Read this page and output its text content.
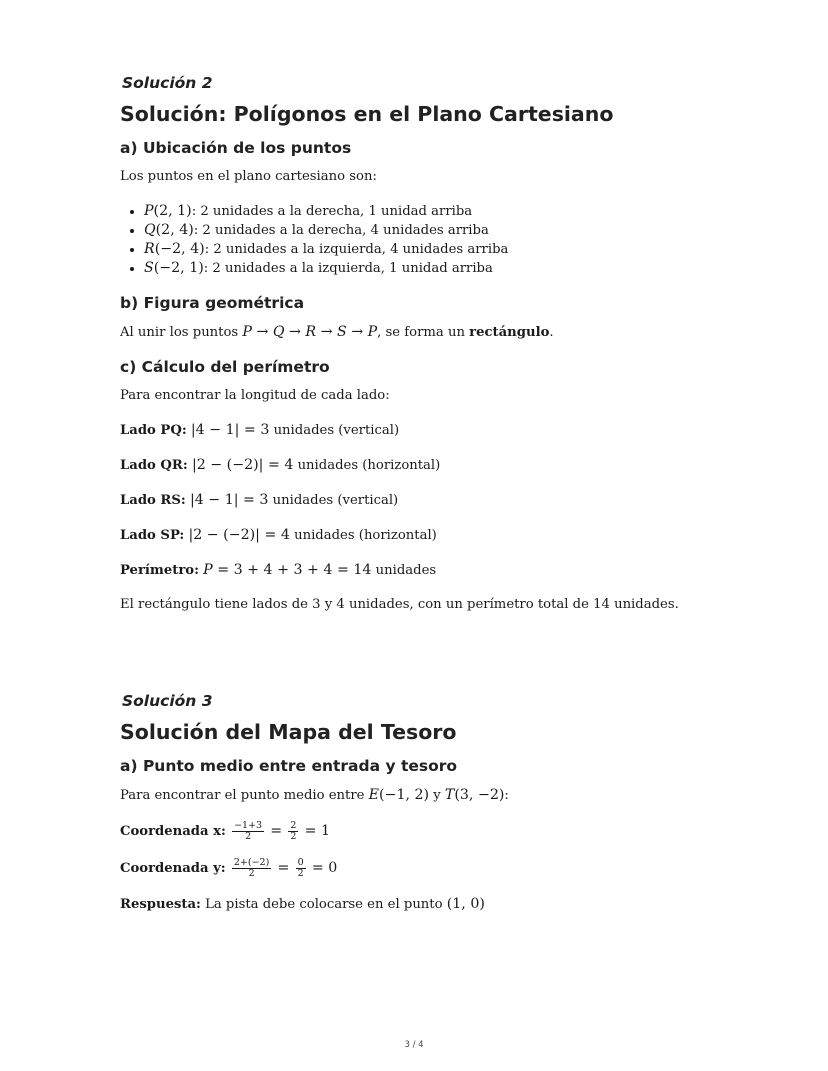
Solución 2
Solución: Polígonos en el Plano Cartesiano
a) Ubicación de los puntos

Los puntos en el plano cartesiano son:

• P(2, 1): 2 unidades a la derecha, 1 unidad arriba
• Q(2, 4): 2 unidades a la derecha, 4 unidades arriba
• R(−2, 4): 2 unidades a la izquierda, 4 unidades arriba
• S(−2, 1): 2 unidades a la izquierda, 1 unidad arriba
b) Figura geométrica

Al unir los puntos P → Q → R → S → P, se forma un rectángulo.

c) Cálculo del perímetro

Para encontrar la longitud de cada lado:

Lado PQ: |4 − 1| = 3 unidades (vertical)

Lado QR: |2 − (−2)| = 4 unidades (horizontal)

Lado RS: |4 − 1| = 3 unidades (vertical)

Lado SP: |2 − (−2)| = 4 unidades (horizontal)

Perímetro: P = 3 + 4 + 3 + 4 = 14 unidades

El rectángulo tiene lados de 3 y 4 unidades, con un perímetro total de 14 unidades.

Solución 3
Solución del Mapa del Tesoro
a) Punto medio entre entrada y tesoro

Para encontrar el punto medio entre E(−1, 2) y T(3, −2):

Coordenada x: $\frac{-1+3}{2} = \frac{2}{2} = 1$

Coordenada y: $\frac{2+(-2)}{2} = \frac{0}{2} = 0$

Respuesta: La pista debe colocarse en el punto (1, 0)

3 / 4
